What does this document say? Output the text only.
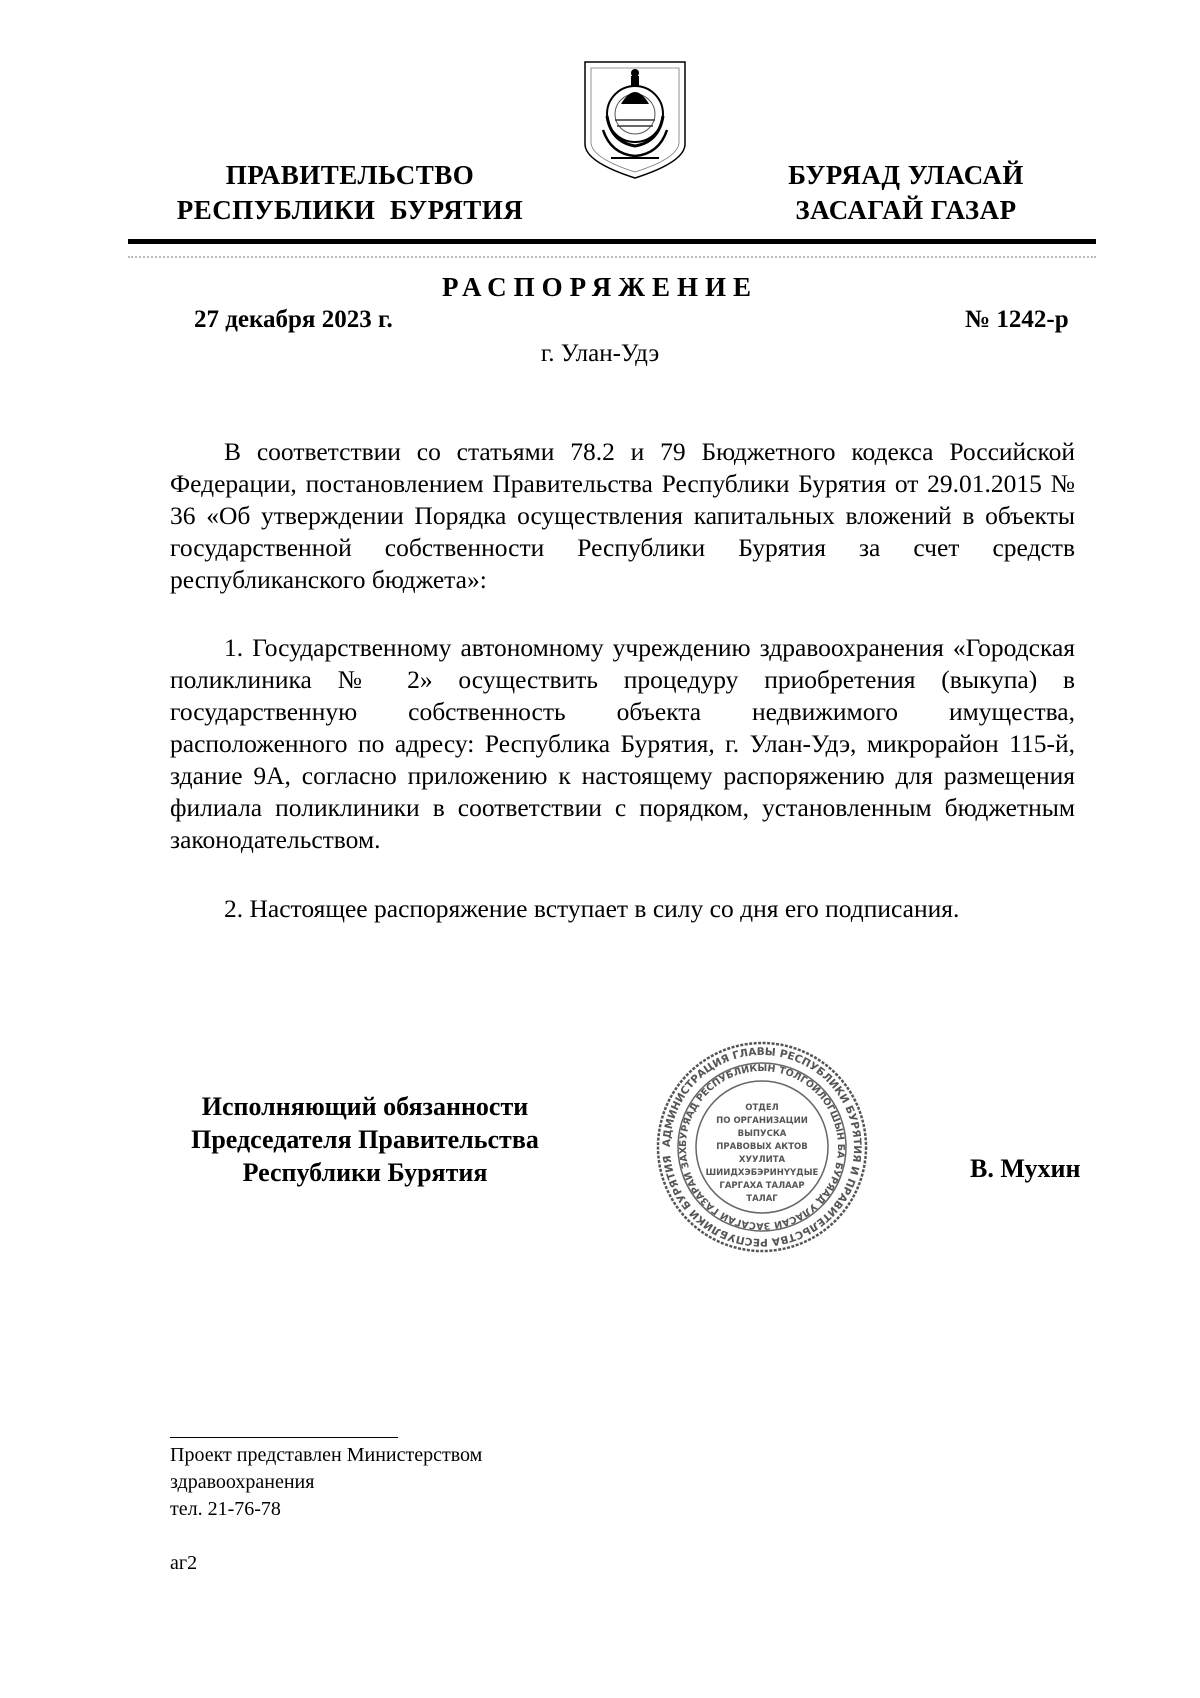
ПРАВИТЕЛЬСТВО
РЕСПУБЛИКИ  БУРЯТИЯ
БУРЯАД УЛАСАЙ
ЗАСАГАЙ ГАЗАР
РАСПОРЯЖЕНИЕ
27 декабря 2023 г.	№ 1242-р
г. Улан-Удэ
В соответствии со статьями 78.2 и 79 Бюджетного кодекса Российской Федерации, постановлением Правительства Республики Бурятия от 29.01.2015 № 36 «Об утверждении Порядка осуществления капитальных вложений в объекты государственной собственности Республики Бурятия за счет средств республиканского бюджета»:
1. Государственному автономному учреждению здравоохранения «Городская поликлиника № 2» осуществить процедуру приобретения (выкупа) в государственную собственность объекта недвижимого имущества, расположенного по адресу: Республика Бурятия, г. Улан-Удэ, микрорайон 115-й, здание 9А, согласно приложению к настоящему распоряжению для размещения филиала поликлиники в соответствии с порядком, установленным бюджетным законодательством.
2. Настоящее распоряжение вступает в силу со дня его подписания.
Исполняющий обязанности
Председателя Правительства
Республики Бурятия
АДМИНИСТРАЦИЯ ГЛАВЫ РЕСПУБЛИКИ БУРЯТИЯ И ПРАВИТЕЛЬСТВА РЕСПУБЛИКИ БУРЯТИЯ
БУРЯАД РЕСПУБЛИКЫН ТОЛГОЙЛОГШЫН БА БУРЯАД УЛАСАЙ ЗАСАГАЙ ГАЗАРАЙ ЗАХ
ОТДЕЛ
ПО ОРГАНИЗАЦИИ
ВЫПУСКА
ПРАВОВЫХ АКТОВ
ХУУЛИТА
ШИИДХЭБЭРИНҮҮДЫЕ
ГАРГАХА ТАЛААР
ТАЛАГ
В. Мухин
Проект представлен Министерством
здравоохранения
тел. 21-76-78
аг2
